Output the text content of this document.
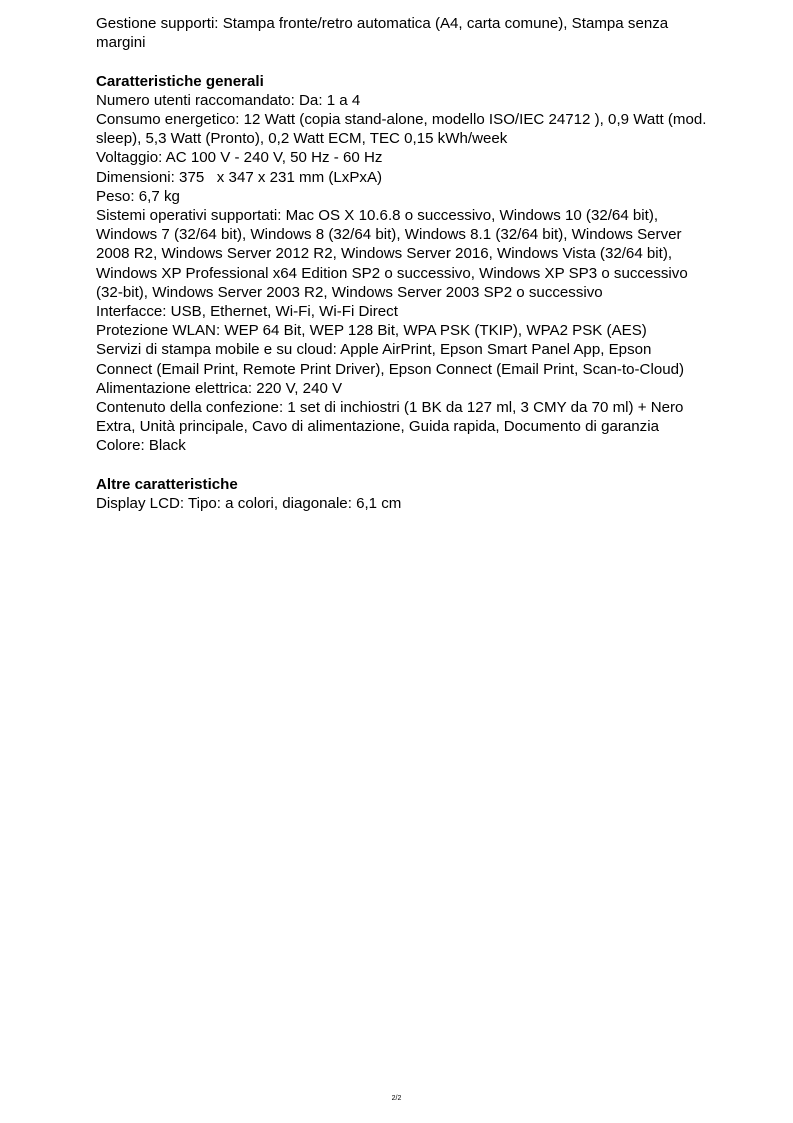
Gestione supporti: Stampa fronte/retro automatica (A4, carta comune), Stampa senza
margini
Caratteristiche generali
Numero utenti raccomandato: Da: 1 a 4
Consumo energetico: 12 Watt (copia stand-alone, modello ISO/IEC 24712 ), 0,9 Watt (mod.
sleep), 5,3 Watt (Pronto), 0,2 Watt ECM, TEC 0,15 kWh/week
Voltaggio: AC 100 V - 240 V, 50 Hz - 60 Hz
Dimensioni: 375   x 347 x 231 mm (LxPxA)
Peso: 6,7 kg
Sistemi operativi supportati: Mac OS X 10.6.8 o successivo, Windows 10 (32/64 bit),
Windows 7 (32/64 bit), Windows 8 (32/64 bit), Windows 8.1 (32/64 bit), Windows Server
2008 R2, Windows Server 2012 R2, Windows Server 2016, Windows Vista (32/64 bit),
Windows XP Professional x64 Edition SP2 o successivo, Windows XP SP3 o successivo
(32-bit), Windows Server 2003 R2, Windows Server 2003 SP2 o successivo
Interfacce: USB, Ethernet, Wi-Fi, Wi-Fi Direct
Protezione WLAN: WEP 64 Bit, WEP 128 Bit, WPA PSK (TKIP), WPA2 PSK (AES)
Servizi di stampa mobile e su cloud: Apple AirPrint, Epson Smart Panel App, Epson
Connect (Email Print, Remote Print Driver), Epson Connect (Email Print, Scan-to-Cloud)
Alimentazione elettrica: 220 V, 240 V
Contenuto della confezione: 1 set di inchiostri (1 BK da 127 ml, 3 CMY da 70 ml) + Nero
Extra, Unità principale, Cavo di alimentazione, Guida rapida, Documento di garanzia
Colore: Black
Altre caratteristiche
Display LCD: Tipo: a colori, diagonale: 6,1 cm
2/2
